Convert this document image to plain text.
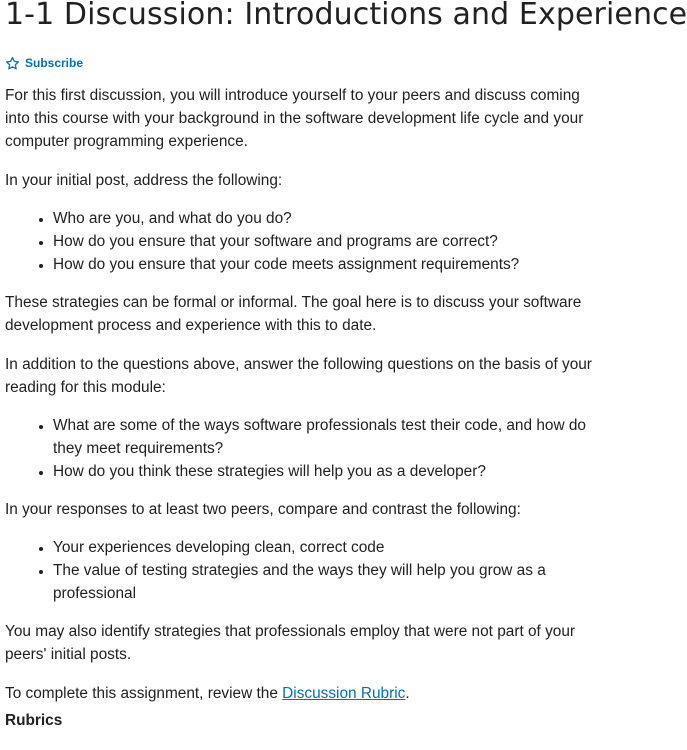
1-1 Discussion: Introductions and Experience
Subscribe

For this first discussion, you will introduce yourself to your peers and discuss coming into this course with your background in the software development life cycle and your computer programming experience.

In your initial post, address the following:

• Who are you, and what do you do?
• How do you ensure that your software and programs are correct?
• How do you ensure that your code meets assignment requirements?

These strategies can be formal or informal. The goal here is to discuss your software development process and experience with this to date.

In addition to the questions above, answer the following questions on the basis of your reading for this module:

• What are some of the ways software professionals test their code, and how do they meet requirements?
• How do you think these strategies will help you as a developer?

In your responses to at least two peers, compare and contrast the following:

• Your experiences developing clean, correct code
• The value of testing strategies and the ways they will help you grow as a professional

You may also identify strategies that professionals employ that were not part of your peers' initial posts.

To complete this assignment, review the Discussion Rubric.

Rubrics
